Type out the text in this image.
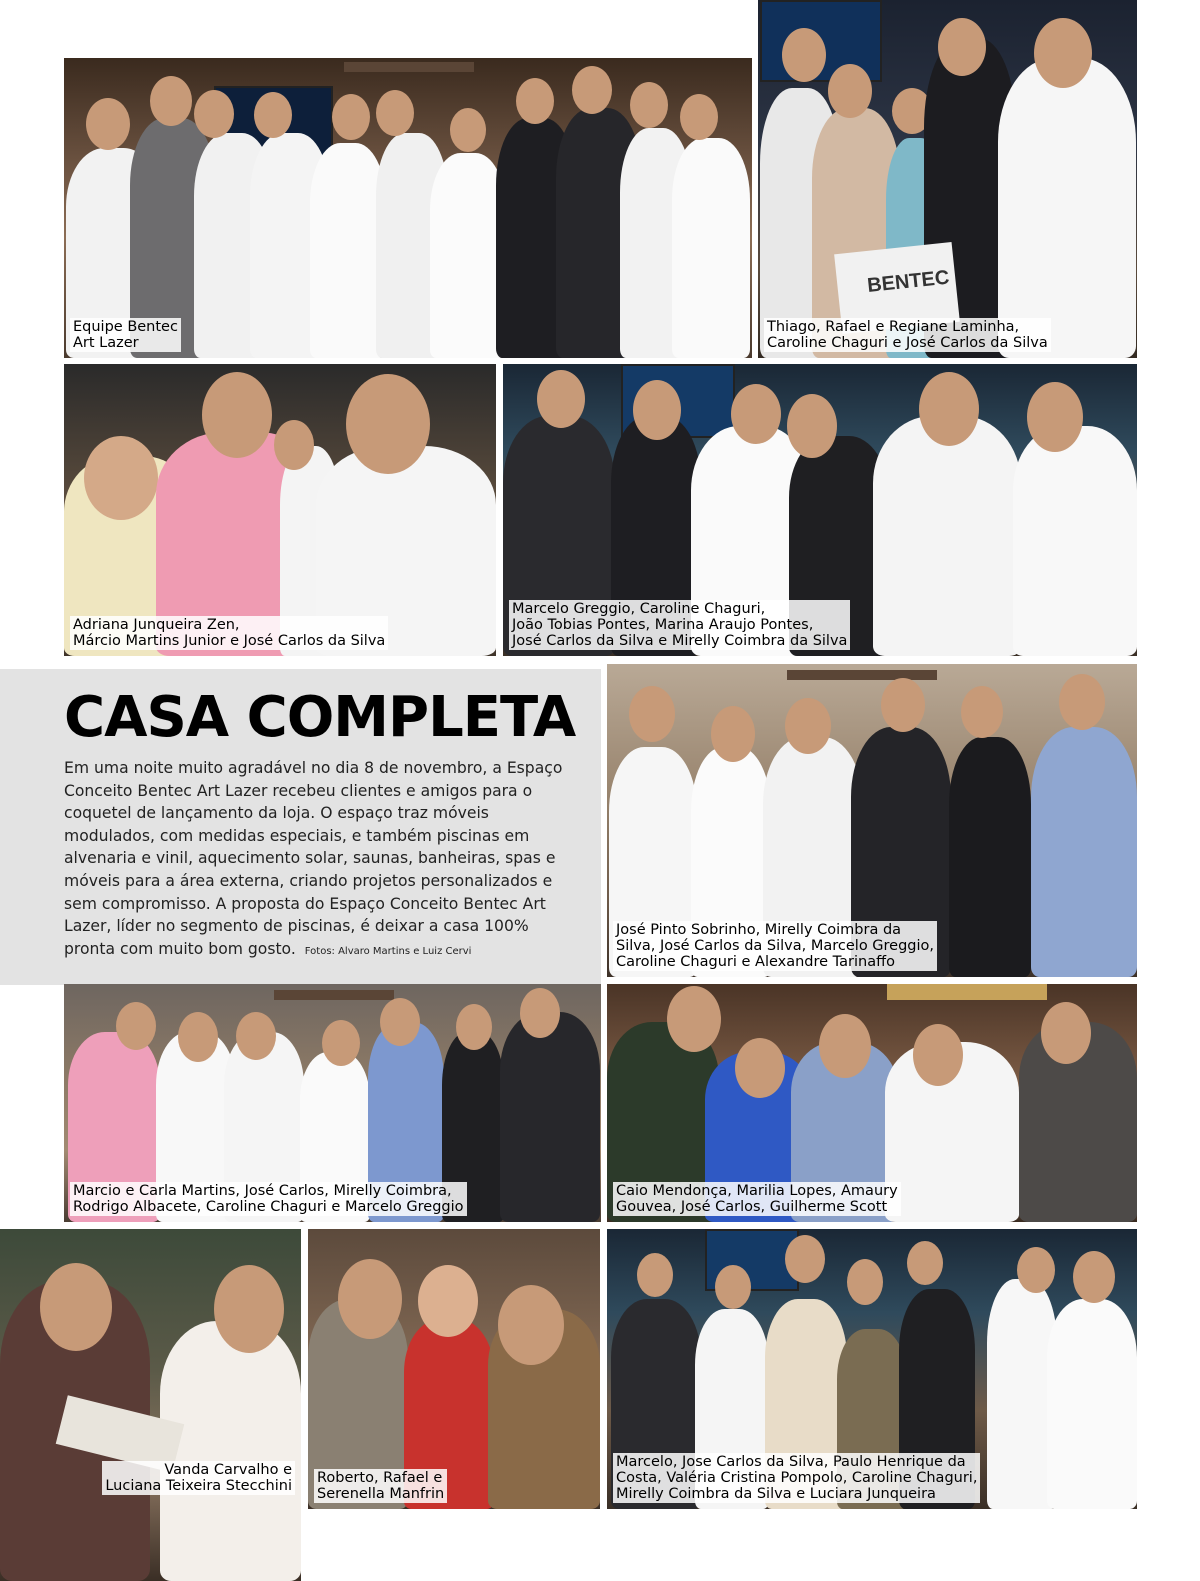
Equipe Bentec
Art Lazer
BENTEC
Thiago, Rafael e Regiane Laminha,
Caroline Chaguri e José Carlos da Silva
Adriana Junqueira Zen,
Márcio Martins Junior e José Carlos da Silva
Marcelo Greggio, Caroline Chaguri,
João Tobias Pontes, Marina Araujo Pontes,
José Carlos da Silva e Mirelly Coimbra da Silva
CASA COMPLETA

Em uma noite muito agradável no dia 8 de novembro, a Espaço Conceito Bentec Art Lazer recebeu clientes e amigos para o coquetel de lançamento da loja. O espaço traz móveis modulados, com medidas especiais, e também piscinas em alvenaria e vinil, aquecimento solar, saunas, banheiras, spas e móveis para a área externa, criando projetos personalizados e sem compromisso. A proposta do Espaço Conceito Bentec Art Lazer, líder no segmento de piscinas, é deixar a casa 100% pronta com muito bom gosto. Fotos: Alvaro Martins e Luiz Cervi

José Pinto Sobrinho, Mirelly Coimbra da
Silva, José Carlos da Silva, Marcelo Greggio,
Caroline Chaguri e Alexandre Tarinaffo
Marcio e Carla Martins, José Carlos, Mirelly Coimbra,
Rodrigo Albacete, Caroline Chaguri e Marcelo Greggio
Caio Mendonça, Marilia Lopes, Amaury
Gouvea, José Carlos, Guilherme Scott
Vanda Carvalho e
Luciana Teixeira Stecchini Roberto, Rafael e
Serenella Manfrin
Marcelo, Jose Carlos da Silva, Paulo Henrique da
Costa, Valéria Cristina Pompolo, Caroline Chaguri,
Mirelly Coimbra da Silva e Luciara Junqueira
